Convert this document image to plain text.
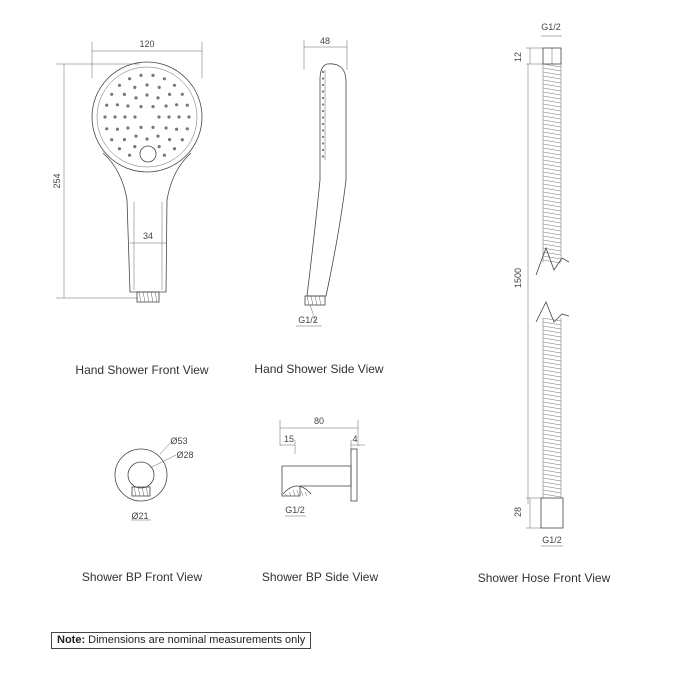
120
254
34
Hand Shower Front View
48
G1/2
Hand Shower Side View
G1/2
12
1500
28
G1/2
Shower Hose Front View
Ø53
Ø28
Ø21
Shower BP Front View
80
15	4
G1/2
Shower BP Side View
Note: Dimensions are nominal measurements only
